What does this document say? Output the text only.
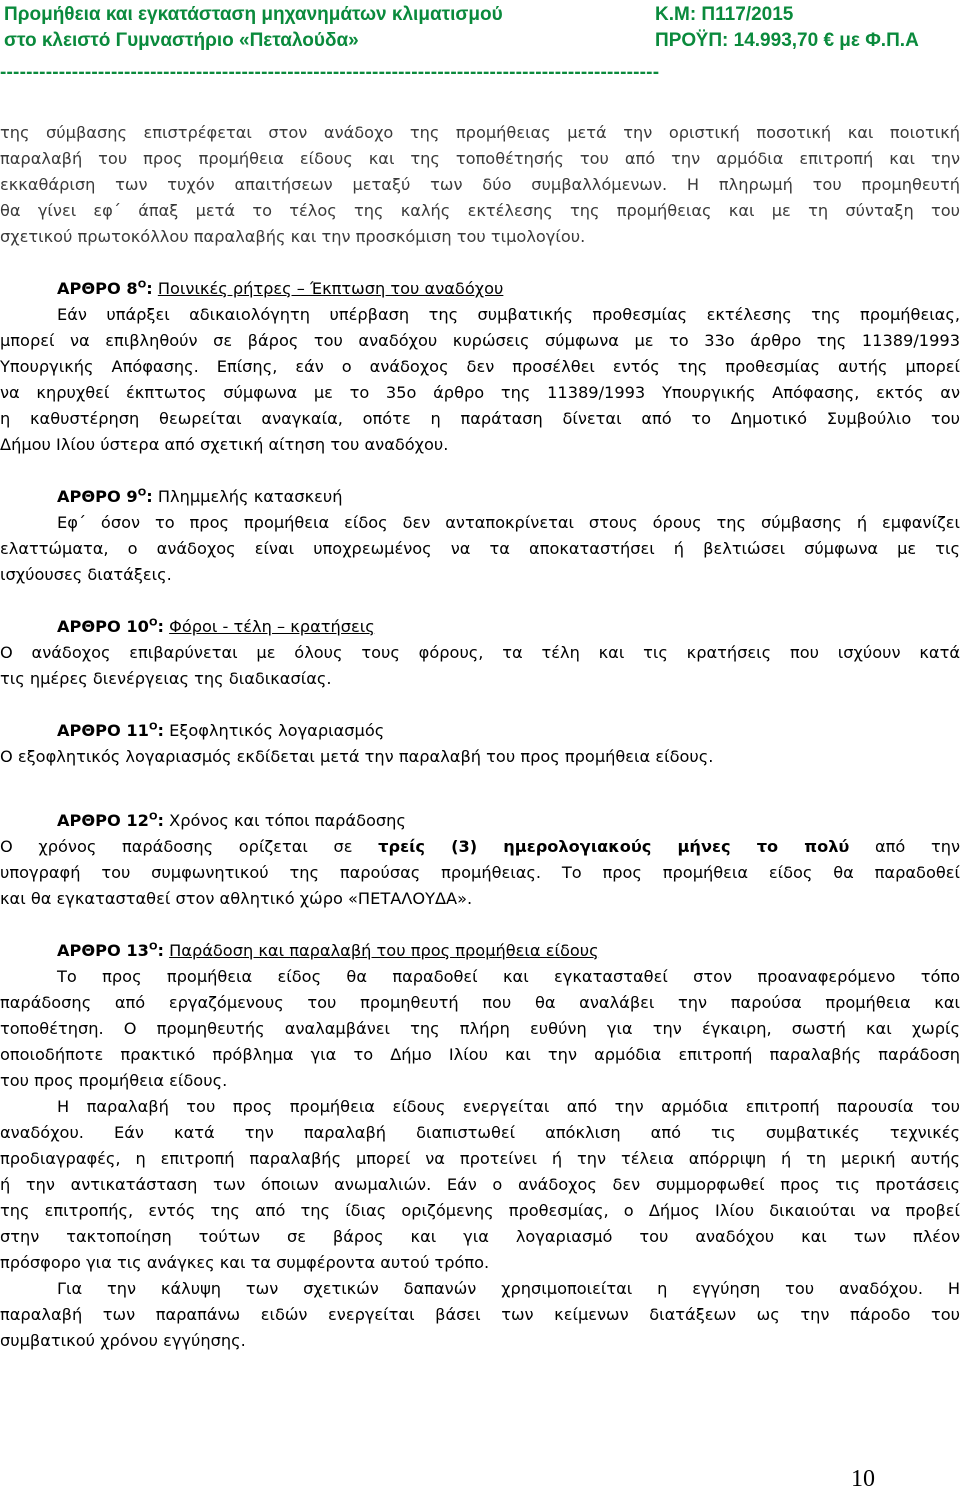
Προμήθεια και εγκατάσταση μηχανημάτων κλιματισμού
στο κλειστό Γυμναστήριο «Πεταλούδα»
Κ.Μ: Π117/2015
ΠΡΟΫΠ: 14.993,70 € με Φ.Π.Α
-----------------------------------------------------------------------------------------------------
της σύμβασης επιστρέφεται στον ανάδοχο της προμήθειας μετά την οριστική ποσοτική και ποιοτική
παραλαβή του προς προμήθεια είδους και της τοποθέτησής του από την αρμόδια επιτροπή και την
εκκαθάριση των τυχόν απαιτήσεων μεταξύ των δύο συμβαλλόμενων. Η πληρωμή του προμηθευτή
θα γίνει εφ΄ άπαξ μετά το τέλος της καλής εκτέλεσης της προμήθειας και με τη σύνταξη του
σχετικού πρωτοκόλλου παραλαβής και την προσκόμιση του τιμολογίου.
ΑΡΘΡΟ $8^O$: Ποινικές ρήτρες – Έκπτωση του αναδόχου
Εάν υπάρξει αδικαιολόγητη υπέρβαση της συμβατικής προθεσμίας εκτέλεσης της προμήθειας,
μπορεί να επιβληθούν σε βάρος του αναδόχου κυρώσεις σύμφωνα με το 33ο άρθρο της 11389/1993
Υπουργικής Απόφασης. Επίσης, εάν ο ανάδοχος δεν προσέλθει εντός της προθεσμίας αυτής μπορεί
να κηρυχθεί έκπτωτος σύμφωνα με το 35ο άρθρο της 11389/1993 Υπουργικής Απόφασης, εκτός αν
η καθυστέρηση θεωρείται αναγκαία, οπότε η παράταση δίνεται από το Δημοτικό Συμβούλιο του
Δήμου Ιλίου ύστερα από σχετική αίτηση του αναδόχου.
ΑΡΘΡΟ $9^O$: Πλημμελής κατασκευή
Εφ΄ όσον το προς προμήθεια είδος δεν ανταποκρίνεται στους όρους της σύμβασης ή εμφανίζει
ελαττώματα, ο ανάδοχος είναι υποχρεωμένος να τα αποκαταστήσει ή βελτιώσει σύμφωνα με τις
ισχύουσες διατάξεις.
ΑΡΘΡΟ $10^O$: Φόροι - τέλη – κρατήσεις
Ο ανάδοχος επιβαρύνεται με όλους τους φόρους, τα τέλη και τις κρατήσεις που ισχύουν κατά
τις ημέρες διενέργειας της διαδικασίας.
ΑΡΘΡΟ $11^O$: Εξοφλητικός λογαριασμός
Ο εξοφλητικός λογαριασμός εκδίδεται μετά την παραλαβή του προς προμήθεια είδους.
ΑΡΘΡΟ $12^O$: Χρόνος και τόποι παράδοσης
Ο χρόνος παράδοσης ορίζεται σε τρείς (3) ημερολογιακούς μήνες το πολύ από την
υπογραφή του συμφωνητικού της παρούσας προμήθειας. Το προς προμήθεια είδος θα παραδοθεί
και θα εγκατασταθεί στον αθλητικό χώρο «ΠΕΤΑΛΟΥΔΑ».
ΑΡΘΡΟ $13^O$: Παράδοση και παραλαβή του προς προμήθεια είδους
Το προς προμήθεια είδος θα παραδοθεί και εγκατασταθεί στον προαναφερόμενο τόπο
παράδοσης από εργαζόμενους του προμηθευτή που θα αναλάβει την παρούσα προμήθεια και
τοποθέτηση. Ο προμηθευτής αναλαμβάνει της πλήρη ευθύνη για την έγκαιρη, σωστή και χωρίς
οποιοδήποτε πρακτικό πρόβλημα για το Δήμο Ιλίου και την αρμόδια επιτροπή παραλαβής παράδοση
του προς προμήθεια είδους.
Η παραλαβή του προς προμήθεια είδους ενεργείται από την αρμόδια επιτροπή παρουσία του
αναδόχου. Εάν κατά την παραλαβή διαπιστωθεί απόκλιση από τις συμβατικές τεχνικές
προδιαγραφές, η επιτροπή παραλαβής μπορεί να προτείνει ή την τέλεια απόρριψη ή τη μερική αυτής
ή την αντικατάσταση των όποιων ανωμαλιών. Εάν ο ανάδοχος δεν συμμορφωθεί προς τις προτάσεις
της επιτροπής, εντός της από της ίδιας οριζόμενης προθεσμίας, ο Δήμος Ιλίου δικαιούται να προβεί
στην τακτοποίηση τούτων σε βάρος και για λογαριασμό του αναδόχου και των πλέον
πρόσφορο για τις ανάγκες και τα συμφέροντα αυτού τρόπο.
Για την κάλυψη των σχετικών δαπανών χρησιμοποιείται η εγγύηση του αναδόχου. Η
παραλαβή των παραπάνω ειδών ενεργείται βάσει των κείμενων διατάξεων ως την πάροδο του
συμβατικού χρόνου εγγύησης.
10
